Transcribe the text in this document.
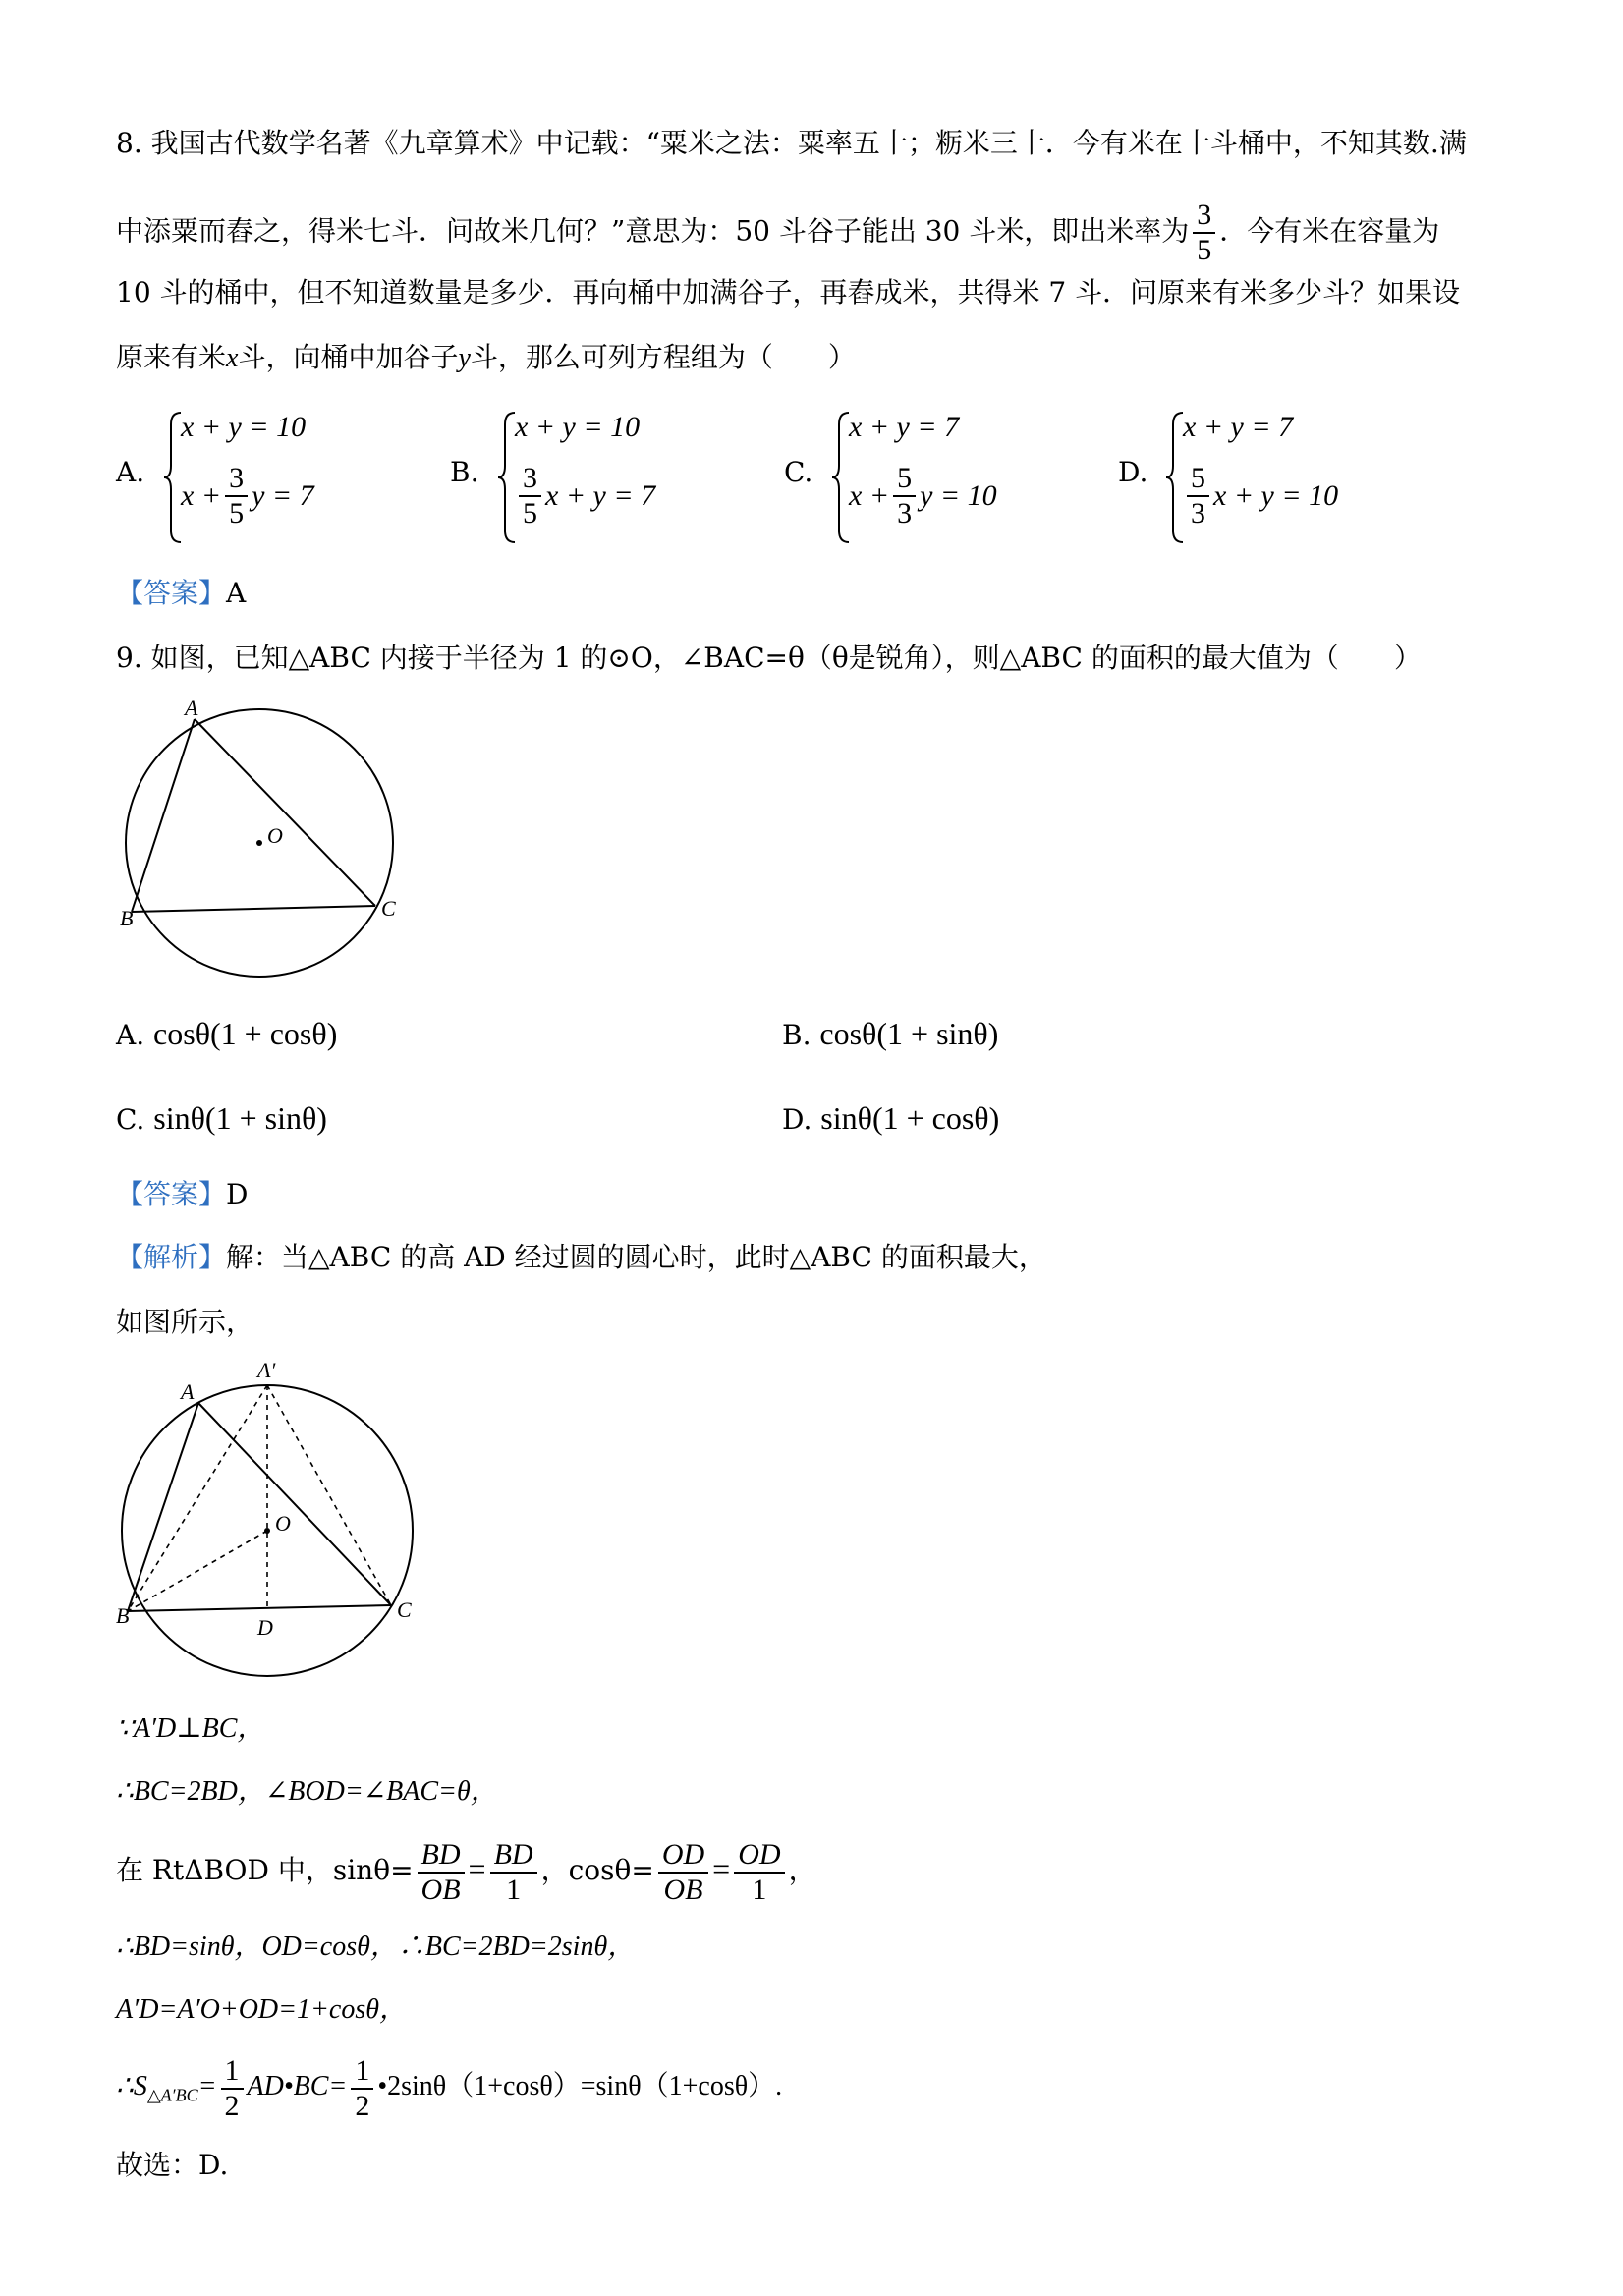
8. 我国古代数学名著《九章算术》中记载：“粟米之法：粟率五十；粝米三十．今有米在十斗桶中，不知其数.满
中添粟而舂之，得米七斗．问故米几何？”意思为：50 斗谷子能出 30 斗米，即出米率为 $\frac{3}{5}$ ．今有米在容量为
10 斗的桶中，但不知道数量是多少．再向桶中加满谷子，再舂成米，共得米 7 斗．问原来有米多少斗？如果设
原来有米x斗，向桶中加谷子y斗，那么可列方程组为（　　）
A.
x + y = 10
$x + \frac{3}{5}$ y = 7
B.
x + y = 10
$\frac{3}{5}$ x + y = 7
C.
x + y = 7
$x + \frac{5}{3}$ y = 10
D.
x + y = 7
$\frac{5}{3}$ x + y = 10
【答案】A
9. 如图，已知△ABC 内接于半径为 1 的⊙O，∠BAC=θ（θ是锐角），则△ABC 的面积的最大值为（　　）
A
B	C
O
A. cosθ(1 + cosθ)	B. cosθ(1 + sinθ)
C. sinθ(1 + sinθ)	D. sinθ(1 + cosθ)
【答案】D
【解析】解：当△ABC 的高 AD 经过圆的圆心时，此时△ABC 的面积最大，
如图所示，
A
A′
B	C
O
D
∵A′D⊥BC，
∴BC=2BD，∠BOD=∠BAC=θ，
在 RtΔBOD 中，$\sin\theta= \frac{BD}{OB} = \frac{BD}{1}$ ，$\cos\theta= \frac{OD}{OB} = \frac{OD}{1}$ ，
∴BD=sinθ，OD=cosθ，∴BC=2BD=2sinθ，
A′D=A′O+OD=1+cosθ，
$\therefore S_{\triangle A'BC}= \frac{1}{2}$ AD•BC= $\frac{1}{2}$ •2sinθ（1+cosθ）=sinθ（1+cosθ）.
故选：D.
